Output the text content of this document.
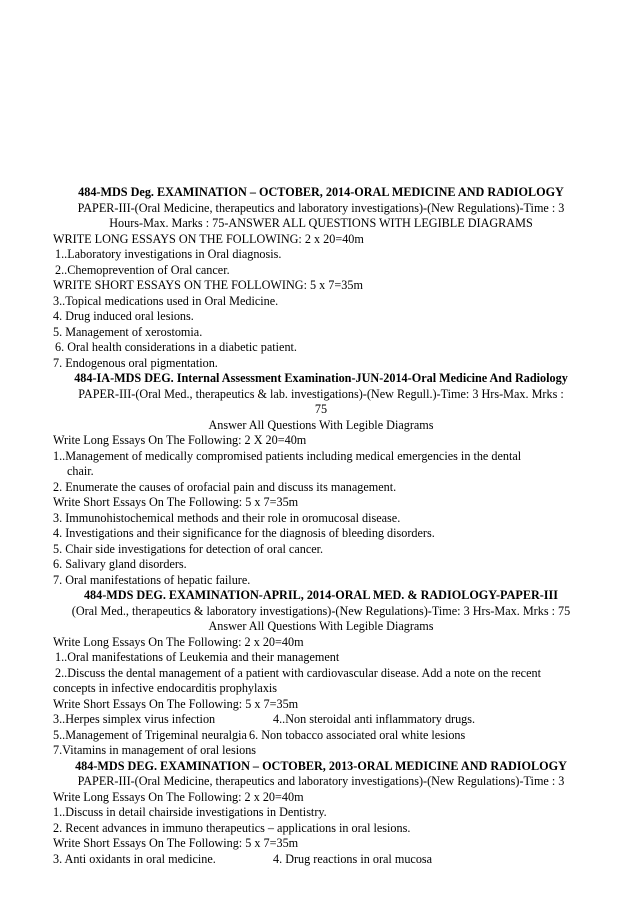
484-MDS Deg. EXAMINATION – OCTOBER, 2014-ORAL MEDICINE AND RADIOLOGY
PAPER-III-(Oral Medicine, therapeutics and laboratory investigations)-(New Regulations)-Time : 3
Hours-Max. Marks : 75-ANSWER ALL QUESTIONS WITH LEGIBLE DIAGRAMS
WRITE LONG ESSAYS ON THE FOLLOWING: 2 x 20=40m
1..Laboratory investigations in Oral diagnosis.
2..Chemoprevention of Oral cancer.
WRITE SHORT ESSAYS ON THE FOLLOWING: 5 x 7=35m
3..Topical medications used in Oral Medicine.
4. Drug induced oral lesions.
5. Management of xerostomia.
6. Oral health considerations in a diabetic patient.
7. Endogenous oral pigmentation.
484-IA-MDS DEG. Internal Assessment Examination-JUN-2014-Oral Medicine And Radiology
PAPER-III-(Oral Med., therapeutics & lab. investigations)-(New Regull.)-Time: 3 Hrs-Max. Mrks :
75
Answer All Questions With Legible Diagrams
Write Long Essays On The Following: 2 X 20=40m
1..Management of medically compromised patients including medical emergencies in the dental
chair.
2. Enumerate the causes of orofacial pain and discuss its management.
Write Short Essays On The Following: 5 x 7=35m
3. Immunohistochemical methods and their role in oromucosal disease.
4. Investigations and their significance for the diagnosis of bleeding disorders.
5. Chair side investigations for detection of oral cancer.
6. Salivary gland disorders.
7. Oral manifestations of hepatic failure.
484-MDS DEG. EXAMINATION-APRIL, 2014-ORAL MED. & RADIOLOGY-PAPER-III
(Oral Med., therapeutics & laboratory investigations)-(New Regulations)-Time: 3 Hrs-Max. Mrks : 75
Answer All Questions With Legible Diagrams
Write Long Essays On The Following: 2 x 20=40m
1..Oral manifestations of Leukemia and their management
2..Discuss the dental management of a patient with cardiovascular disease. Add a note on the recent
concepts in infective endocarditis prophylaxis
Write Short Essays On The Following: 5 x 7=35m
3..Herpes simplex virus infection	4..Non steroidal anti inflammatory drugs.
5..Management of Trigeminal neuralgia 6. Non tobacco associated oral white lesions
7.Vitamins in management of oral lesions
484-MDS DEG. EXAMINATION – OCTOBER, 2013-ORAL MEDICINE AND RADIOLOGY
PAPER-III-(Oral Medicine, therapeutics and laboratory investigations)-(New Regulations)-Time : 3
Write Long Essays On The Following: 2 x 20=40m
1..Discuss in detail chairside investigations in Dentistry.
2. Recent advances in immuno therapeutics – applications in oral lesions.
Write Short Essays On The Following: 5 x 7=35m
3. Anti oxidants in oral medicine.	4. Drug reactions in oral mucosa
